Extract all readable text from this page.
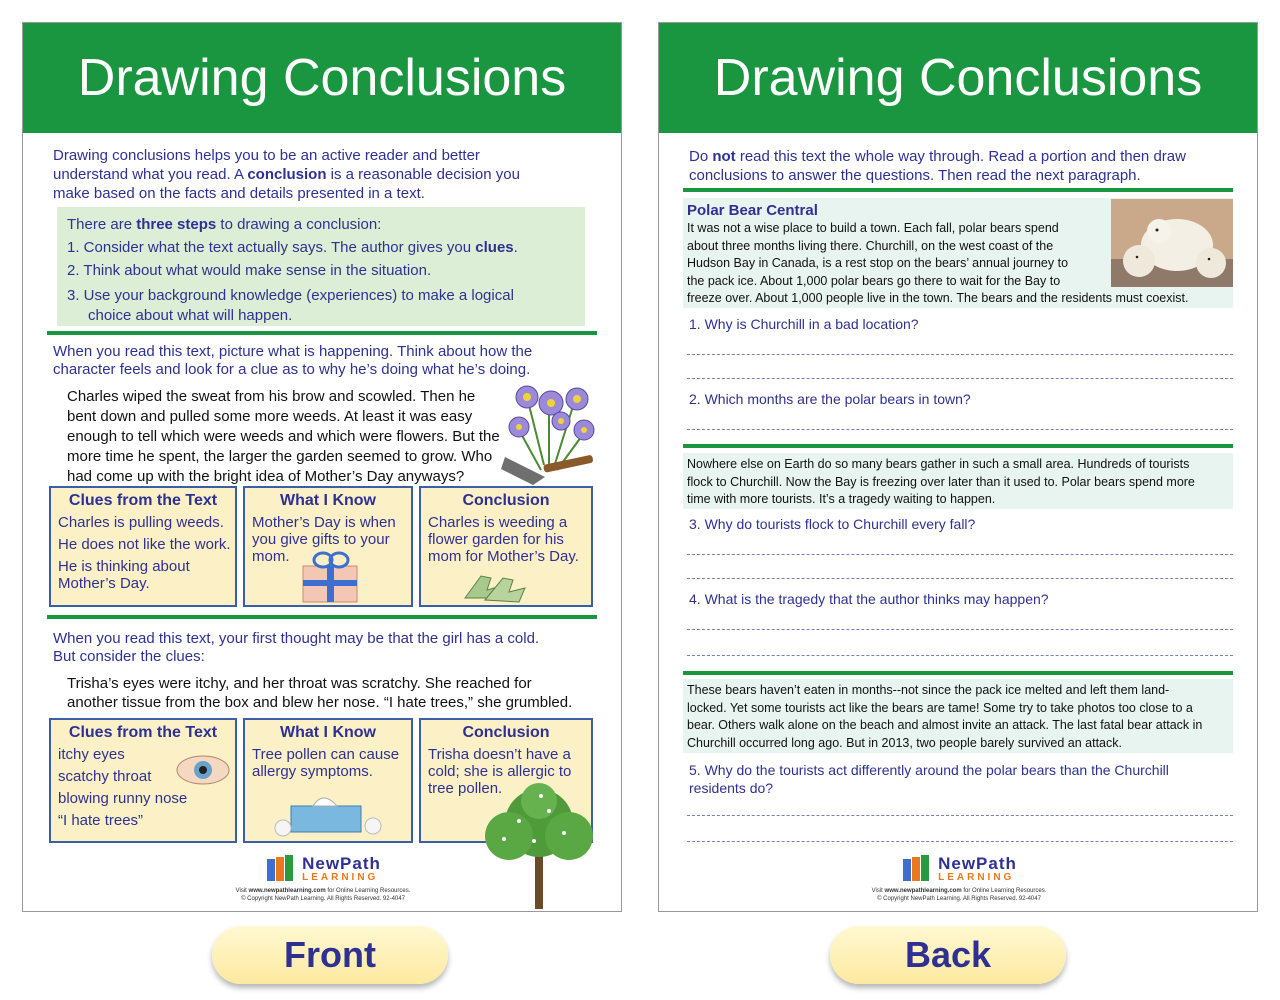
Drawing Conclusions
Drawing conclusions helps you to be an active reader and better
understand what you read. A conclusion is a reasonable decision you
make based on the facts and details presented in a text.
There are three steps to drawing a conclusion:
1. Consider what the text actually says. The author gives you clues.
2. Think about what would make sense in the situation.
3. Use your background knowledge (experiences) to make a logical
choice about what will happen.
When you read this text, picture what is happening. Think about how the
character feels and look for a clue as to why he’s doing what he’s doing.
Charles wiped the sweat from his brow and scowled. Then he
bent down and pulled some more weeds. At least it was easy
enough to tell which were weeds and which were flowers. But the
more time he spent, the larger the garden seemed to grow. Who
had come up with the bright idea of Mother’s Day anyways?
Clues from the Text
Charles is pulling weeds.
He does not like the work.
He is thinking about
Mother’s Day.
What I Know
Mother’s Day is when
you give gifts to your
mom.
Conclusion
Charles is weeding a
flower garden for his
mom for Mother’s Day.
When you read this text, your first thought may be that the girl has a cold.
But consider the clues:
Trisha’s eyes were itchy, and her throat was scratchy. She reached for
another tissue from the box and blew her nose. “I hate trees,” she grumbled.
Clues from the Text
itchy eyes
scatchy throat
blowing runny nose
“I hate trees”
What I Know
Tree pollen can cause
allergy symptoms.
Conclusion
Trisha doesn’t have a
cold; she is allergic to
tree pollen.
NewPath
LEARNING
Visit www.newpathlearning.com for Online Learning Resources.
© Copyright NewPath Learning. All Rights Reserved. 92-4047
Drawing Conclusions
Do not read this text the whole way through. Read a portion and then draw
conclusions to answer the questions. Then read the next paragraph.
Polar Bear Central
It was not a wise place to build a town. Each fall, polar bears spend
about three months living there. Churchill, on the west coast of the
Hudson Bay in Canada, is a rest stop on the bears’ annual journey to
the pack ice. About 1,000 polar bears go there to wait for the Bay to
freeze over. About 1,000 people live in the town. The bears and the residents must coexist.
1. Why is Churchill in a bad location?
2. Which months are the polar bears in town?
Nowhere else on Earth do so many bears gather in such a small area. Hundreds of tourists
flock to Churchill. Now the Bay is freezing over later than it used to. Polar bears spend more
time with more tourists. It’s a tragedy waiting to happen.
3. Why do tourists flock to Churchill every fall?
4. What is the tragedy that the author thinks may happen?
These bears haven’t eaten in months--not since the pack ice melted and left them land-
locked. Yet some tourists act like the bears are tame! Some try to take photos too close to a
bear. Others walk alone on the beach and almost invite an attack. The last fatal bear attack in
Churchill occurred long ago. But in 2013, two people barely survived an attack.
5. Why do the tourists act differently around the polar bears than the Churchill
residents do?
NewPath
LEARNING
Visit www.newpathlearning.com for Online Learning Resources.
© Copyright NewPath Learning. All Rights Reserved. 92-4047
Front	Back
